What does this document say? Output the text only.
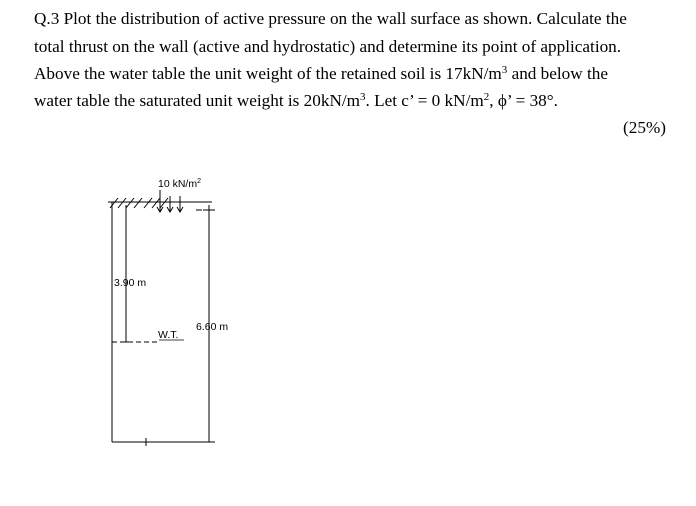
Q.3 Plot the distribution of active pressure on the wall surface as shown. Calculate the
total thrust on the wall (active and hydrostatic) and determine its point of application.
Above the water table the unit weight of the retained soil is $17kN/m^3$ and below the
water table the saturated unit weight is $20kN/m^3$. Let c’ = 0 $kN/m^2$, ϕ’ = 38°.
(25%)
10 $kN/m^2$
3.90 m
W.T.
6.60 m
